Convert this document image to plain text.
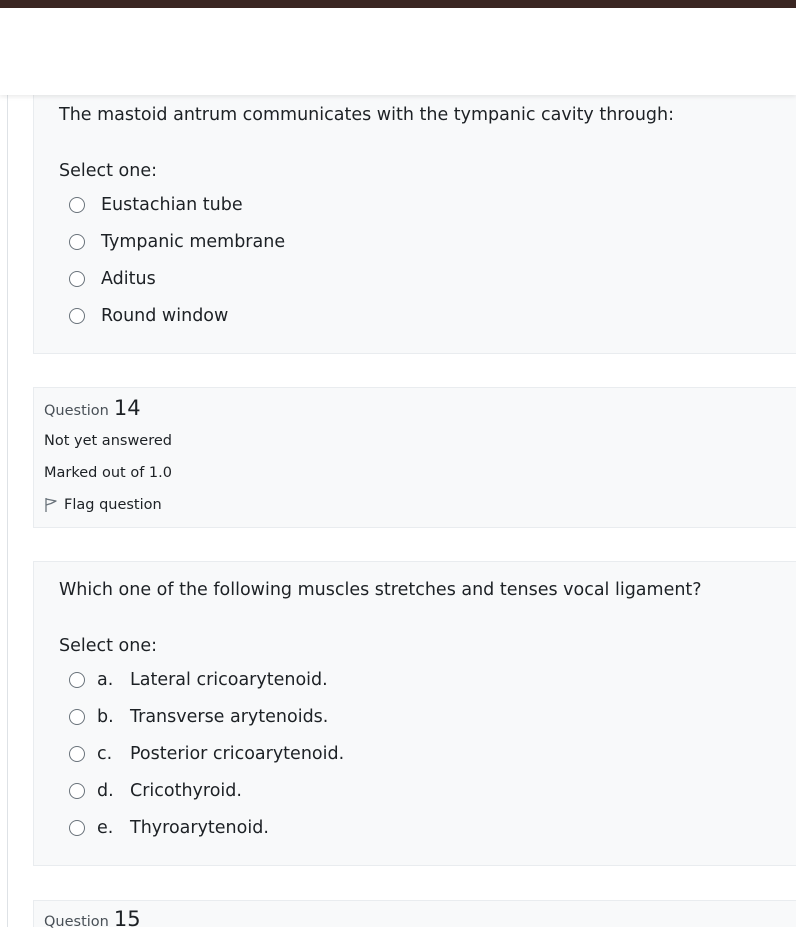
The mastoid antrum communicates with the tympanic cavity through:
Select one:
Eustachian tube
Tympanic membrane
Aditus
Round window
Question 14
Not yet answered
Marked out of 1.0
Flag question
Which one of the following muscles stretches and tenses vocal ligament?
Select one:
a. Lateral cricoarytenoid.
b. Transverse arytenoids.
c. Posterior cricoarytenoid.
d. Cricothyroid.
e. Thyroarytenoid.
Question 15
